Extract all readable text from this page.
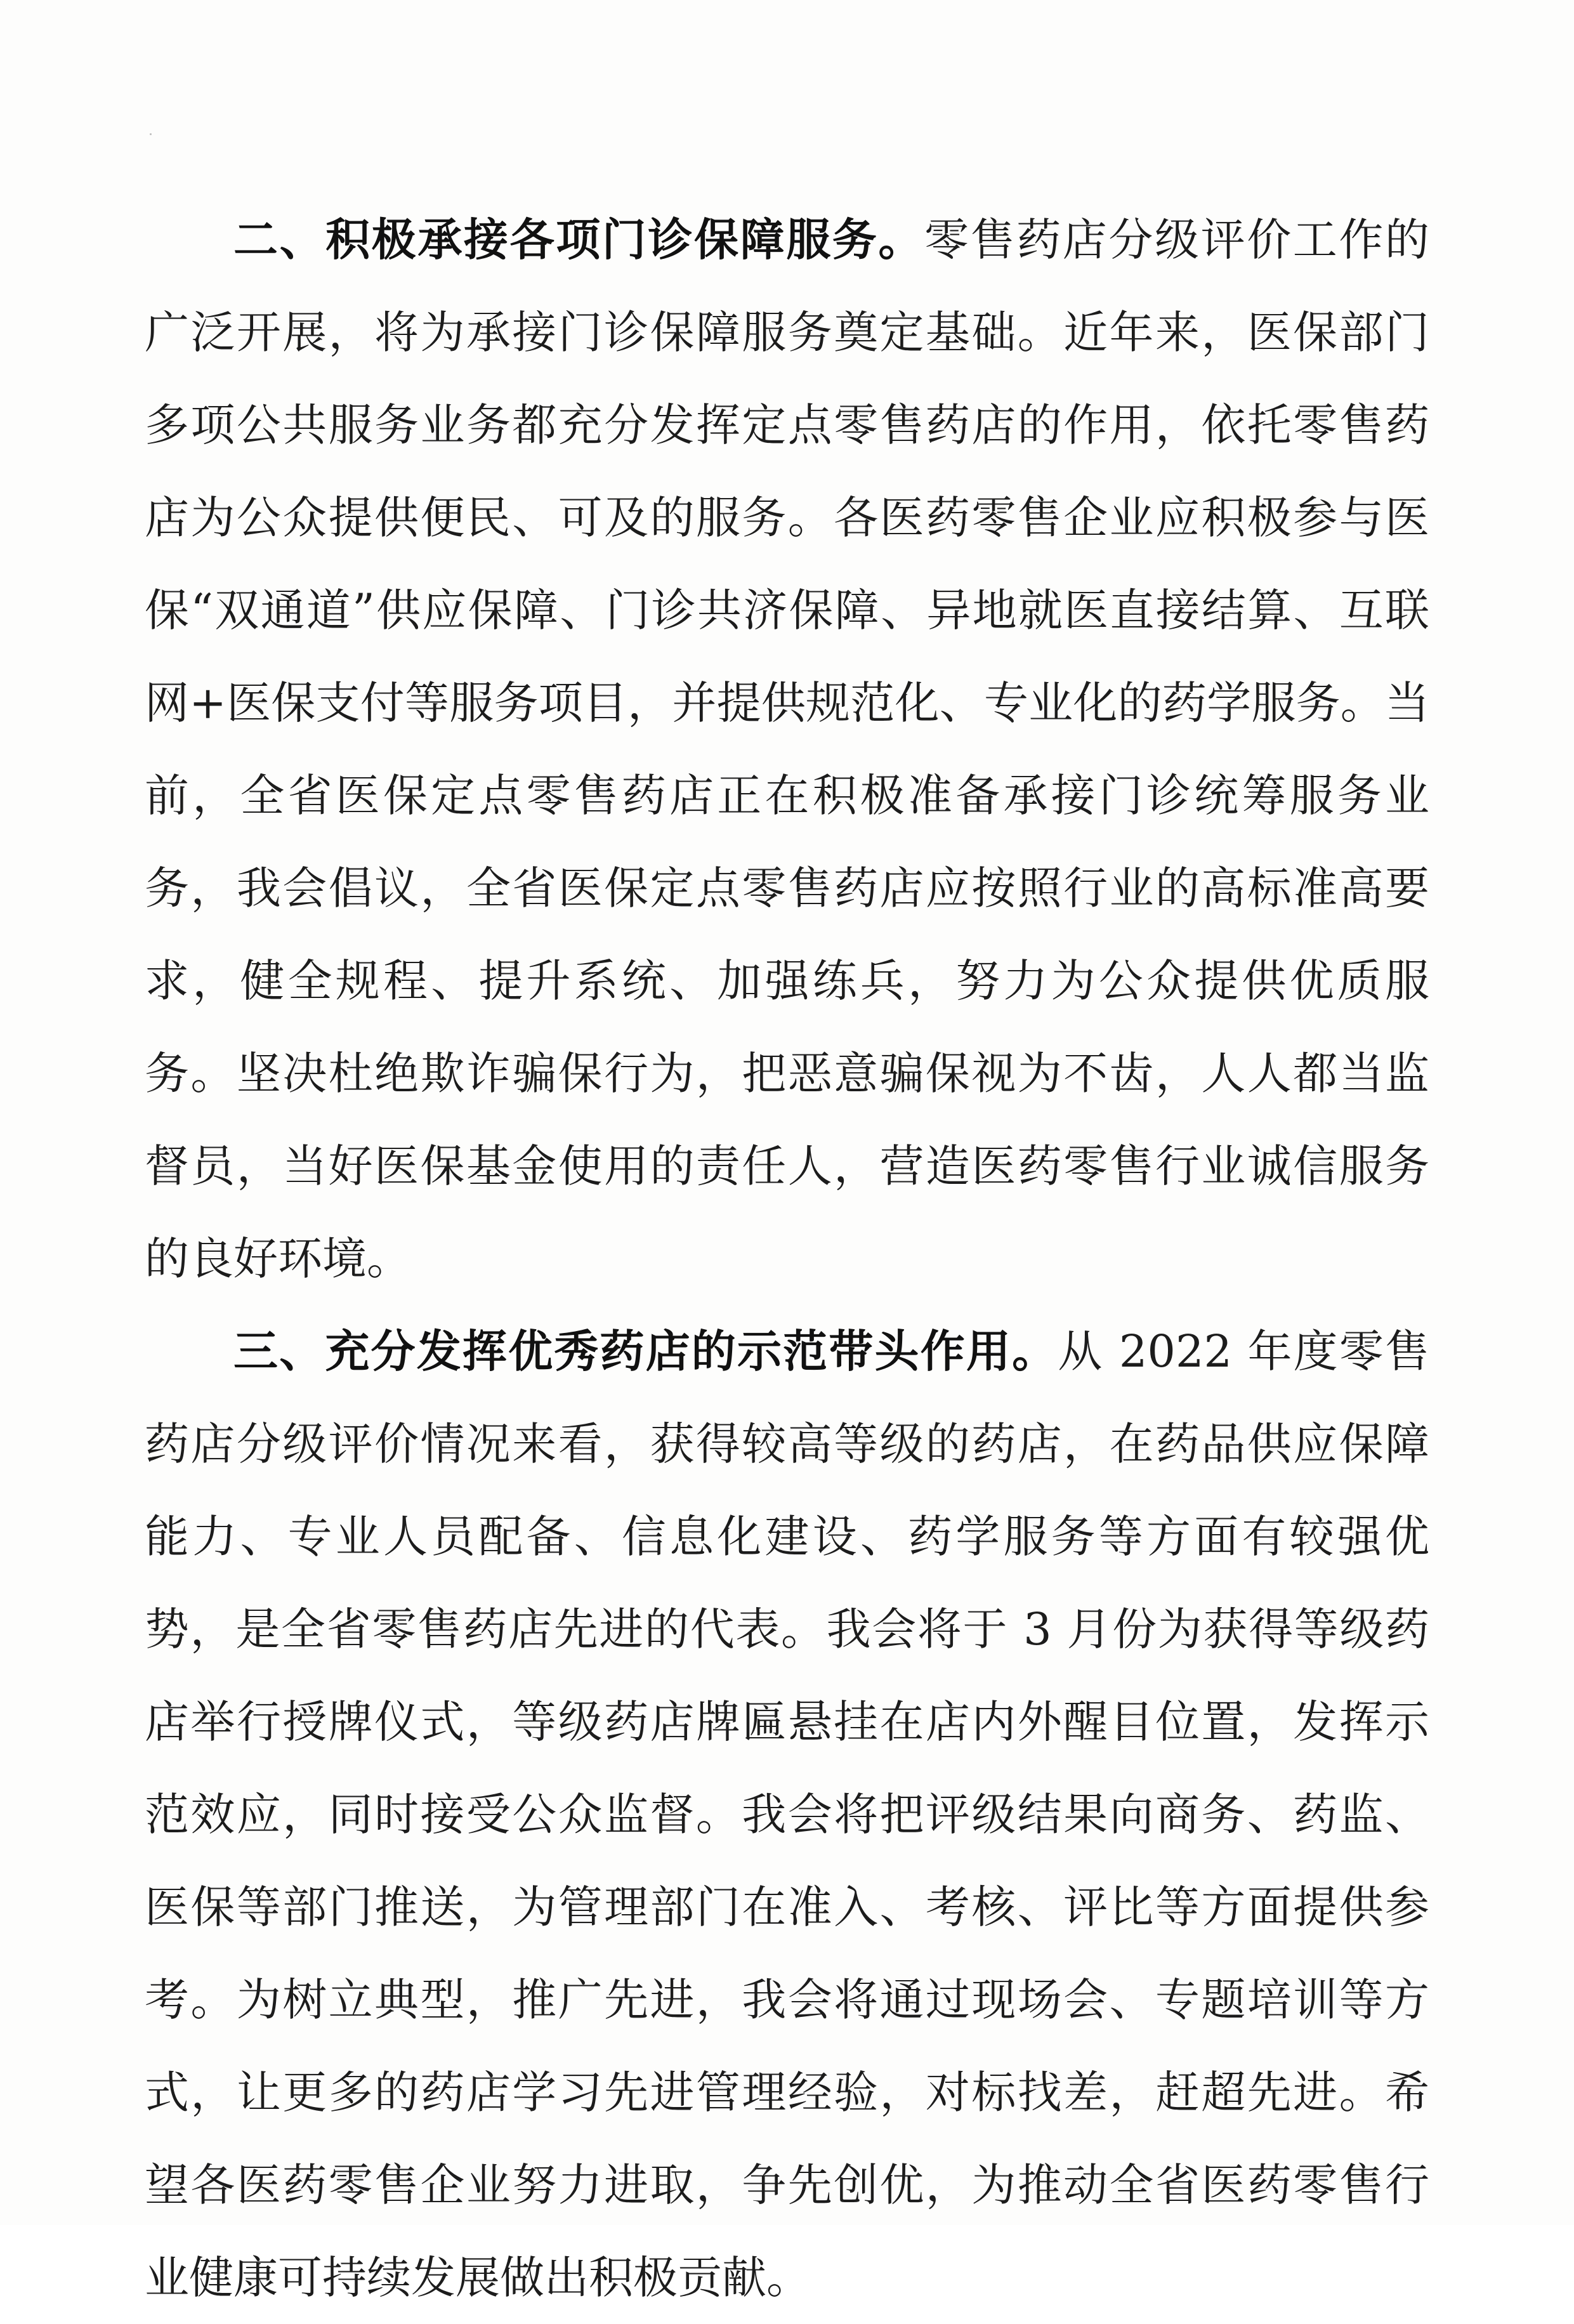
二、积极承接各项门诊保障服务。零售药店分级评价工作的广泛开展，将为承接门诊保障服务奠定基础。近年来，医保部门多项公共服务业务都充分发挥定点零售药店的作用，依托零售药店为公众提供便民、可及的服务。各医药零售企业应积极参与医保“双通道”供应保障、门诊共济保障、异地就医直接结算、互联网+医保支付等服务项目，并提供规范化、专业化的药学服务。当前，全省医保定点零售药店正在积极准备承接门诊统筹服务业务，我会倡议，全省医保定点零售药店应按照行业的高标准高要求，健全规程、提升系统、加强练兵，努力为公众提供优质服务。坚决杜绝欺诈骗保行为，把恶意骗保视为不齿，人人都当监督员，当好医保基金使用的责任人，营造医药零售行业诚信服务的良好环境。

三、充分发挥优秀药店的示范带头作用。从 2022 年度零售药店分级评价情况来看，获得较高等级的药店，在药品供应保障能力、专业人员配备、信息化建设、药学服务等方面有较强优势，是全省零售药店先进的代表。我会将于 3 月份为获得等级药店举行授牌仪式，等级药店牌匾悬挂在店内外醒目位置，发挥示范效应，同时接受公众监督。我会将把评级结果向商务、药监、医保等部门推送，为管理部门在准入、考核、评比等方面提供参考。为树立典型，推广先进，我会将通过现场会、专题培训等方式，让更多的药店学习先进管理经验，对标找差，赶超先进。希望各医药零售企业努力进取，争先创优，为推动全省医药零售行业健康可持续发展做出积极贡献。
